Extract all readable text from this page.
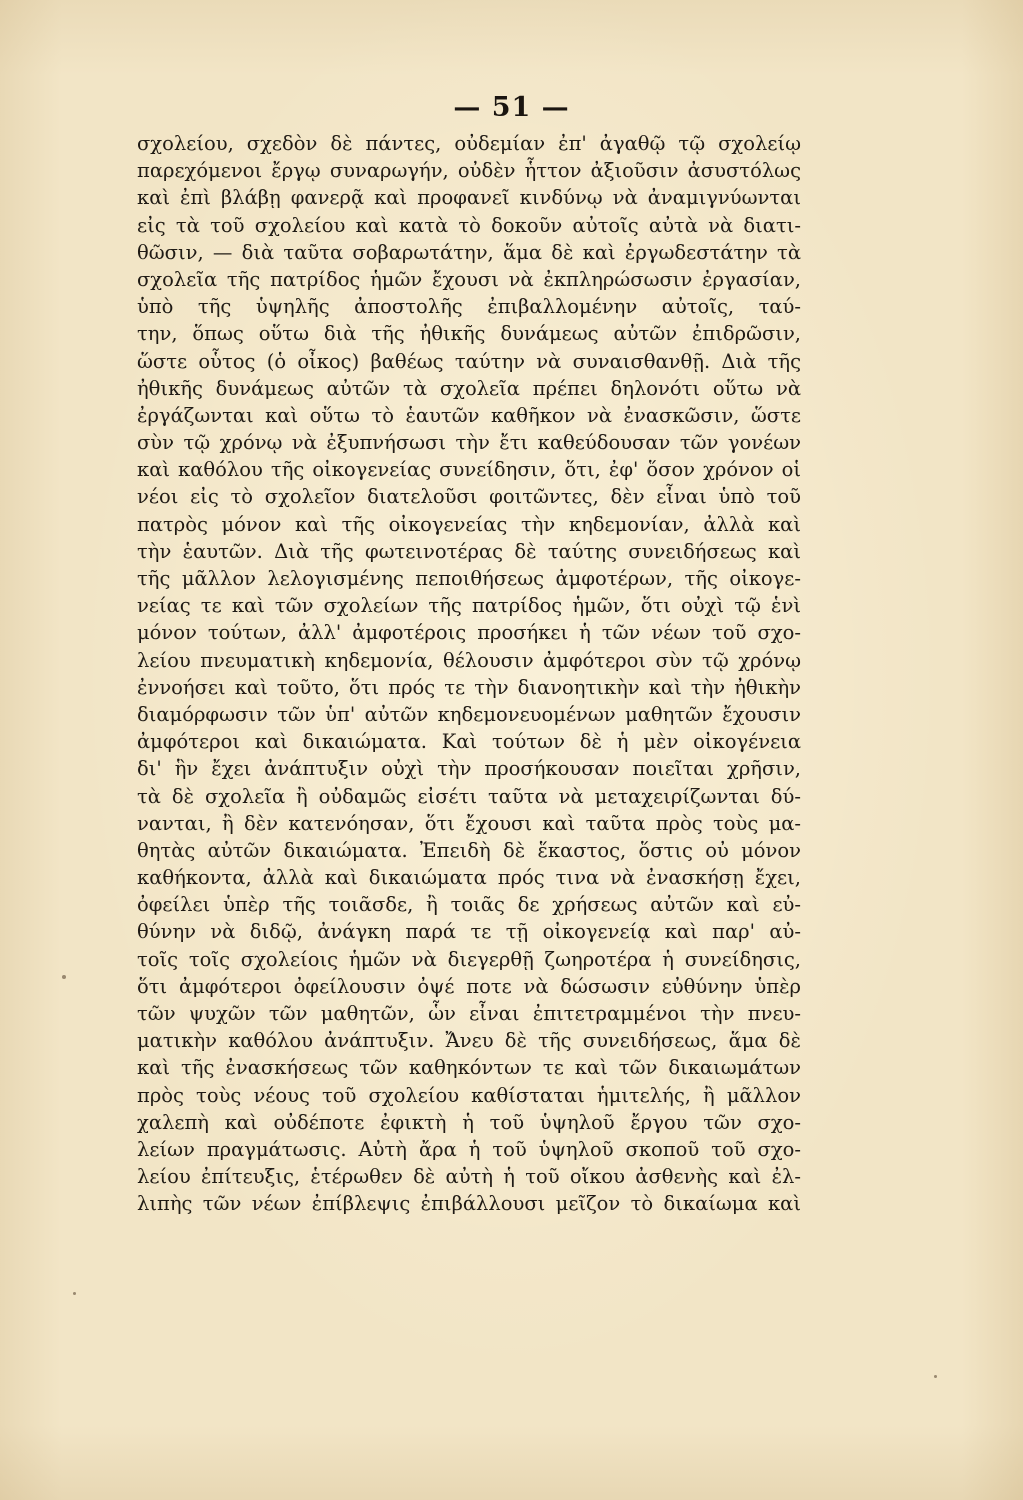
— 51 —
σχολείου, σχεδὸν δὲ πάντες, οὐδεμίαν ἐπ' ἀγαθῷ τῷ σχολείῳ
παρεχόμενοι ἔργῳ συναρωγήν, οὐδὲν ἧττον ἀξιοῦσιν ἀσυστόλως
καὶ ἐπὶ βλάβῃ φανερᾷ καὶ προφανεῖ κινδύνῳ νὰ ἀναμιγνύωνται
εἰς τὰ τοῦ σχολείου καὶ κατὰ τὸ δοκοῦν αὐτοῖς αὐτὰ νὰ διατι-
θῶσιν, — διὰ ταῦτα σοβαρωτάτην, ἅμα δὲ καὶ ἐργωδεστάτην τὰ
σχολεῖα τῆς πατρίδος ἡμῶν ἔχουσι νὰ ἐκπληρώσωσιν ἐργασίαν,
ὑπὸ τῆς ὑψηλῆς ἀποστολῆς ἐπιβαλλομένην αὐτοῖς, ταύ-
την, ὅπως οὕτω διὰ τῆς ἠθικῆς δυνάμεως αὐτῶν ἐπιδρῶσιν,
ὥστε οὗτος (ὁ οἶκος) βαθέως ταύτην νὰ συναισθανθῇ. Διὰ τῆς
ἠθικῆς δυνάμεως αὐτῶν τὰ σχολεῖα πρέπει δηλονότι οὕτω νὰ
ἐργάζωνται καὶ οὕτω τὸ ἑαυτῶν καθῆκον νὰ ἐνασκῶσιν, ὥστε
σὺν τῷ χρόνῳ νὰ ἐξυπνήσωσι τὴν ἔτι καθεύδουσαν τῶν γονέων
καὶ καθόλου τῆς οἰκογενείας συνείδησιν, ὅτι, ἐφ' ὅσον χρόνον οἱ
νέοι εἰς τὸ σχολεῖον διατελοῦσι φοιτῶντες, δὲν εἶναι ὑπὸ τοῦ
πατρὸς μόνον καὶ τῆς οἰκογενείας τὴν κηδεμονίαν, ἀλλὰ καὶ
τὴν ἑαυτῶν. Διὰ τῆς φωτεινοτέρας δὲ ταύτης συνειδήσεως καὶ
τῆς μᾶλλον λελογισμένης πεποιθήσεως ἀμφοτέρων, τῆς οἰκογε-
νείας τε καὶ τῶν σχολείων τῆς πατρίδος ἡμῶν, ὅτι οὐχὶ τῷ ἑνὶ
μόνον τούτων, ἀλλ' ἀμφοτέροις προσήκει ἡ τῶν νέων τοῦ σχο-
λείου πνευματικὴ κηδεμονία, θέλουσιν ἀμφότεροι σὺν τῷ χρόνῳ
ἐννοήσει καὶ τοῦτο, ὅτι πρός τε τὴν διανοητικὴν καὶ τὴν ἠθικὴν
διαμόρφωσιν τῶν ὑπ' αὐτῶν κηδεμονευομένων μαθητῶν ἔχουσιν
ἀμφότεροι καὶ δικαιώματα. Καὶ τούτων δὲ ἡ μὲν οἰκογένεια
δι' ἣν ἔχει ἀνάπτυξιν οὐχὶ τὴν προσήκουσαν ποιεῖται χρῆσιν,
τὰ δὲ σχολεῖα ἢ οὐδαμῶς εἰσέτι ταῦτα νὰ μεταχειρίζωνται δύ-
νανται, ἢ δὲν κατενόησαν, ὅτι ἔχουσι καὶ ταῦτα πρὸς τοὺς μα-
θητὰς αὐτῶν δικαιώματα. Ἐπειδὴ δὲ ἕκαστος, ὅστις οὐ μόνον
καθήκοντα, ἀλλὰ καὶ δικαιώματα πρός τινα νὰ ἐνασκήσῃ ἔχει,
ὀφείλει ὑπὲρ τῆς τοιᾶσδε, ἢ τοιᾶς δε χρήσεως αὐτῶν καὶ εὐ-
θύνην νὰ διδῷ, ἀνάγκη παρά τε τῇ οἰκογενείᾳ καὶ παρ' αὐ-
τοῖς τοῖς σχολείοις ἡμῶν νὰ διεγερθῇ ζωηροτέρα ἡ συνείδησις,
ὅτι ἀμφότεροι ὀφείλουσιν ὀψέ ποτε νὰ δώσωσιν εὐθύνην ὑπὲρ
τῶν ψυχῶν τῶν μαθητῶν, ὧν εἶναι ἐπιτετραμμένοι τὴν πνευ-
ματικὴν καθόλου ἀνάπτυξιν. Ἄνευ δὲ τῆς συνειδήσεως, ἅμα δὲ
καὶ τῆς ἐνασκήσεως τῶν καθηκόντων τε καὶ τῶν δικαιωμάτων
πρὸς τοὺς νέους τοῦ σχολείου καθίσταται ἡμιτελής, ἢ μᾶλλον
χαλεπὴ καὶ οὐδέποτε ἐφικτὴ ἡ τοῦ ὑψηλοῦ ἔργου τῶν σχο-
λείων πραγμάτωσις. Αὐτὴ ἄρα ἡ τοῦ ὑψηλοῦ σκοποῦ τοῦ σχο-
λείου ἐπίτευξις, ἑτέρωθεν δὲ αὐτὴ ἡ τοῦ οἴκου ἀσθενὴς καὶ ἐλ-
λιπὴς τῶν νέων ἐπίβλεψις ἐπιβάλλουσι μεῖζον τὸ δικαίωμα καὶ
